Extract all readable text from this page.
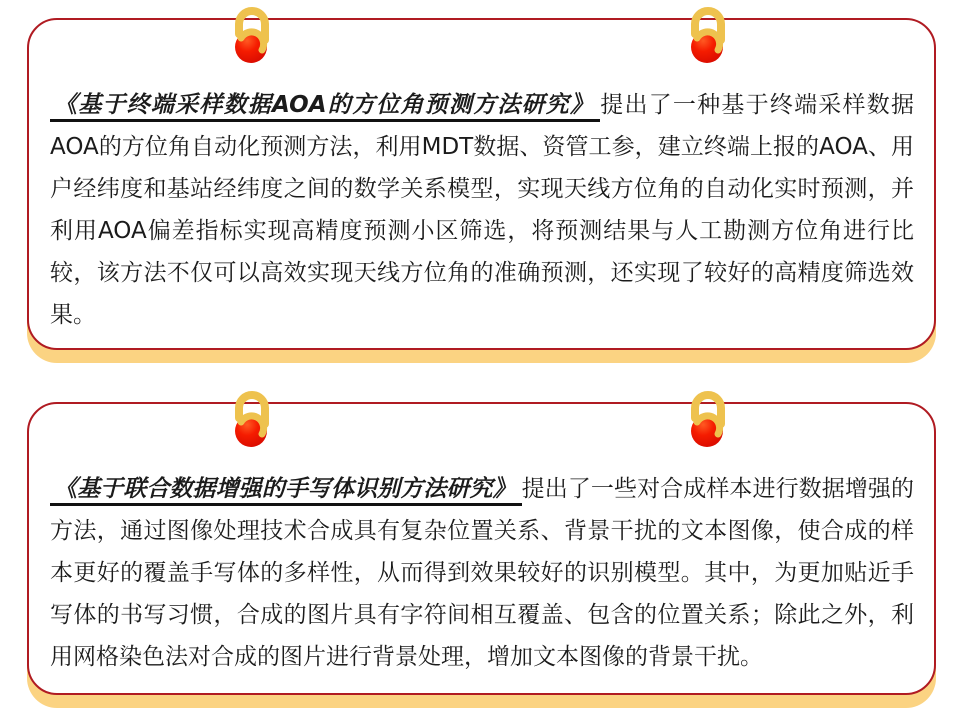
《基于终端采样数据AOA的方位角预测方法研究》 提出了一种基于终端采样数据AOA的方位角自动化预测方法，利用MDT数据、资管工参，建立终端上报的AOA、用户经纬度和基站经纬度之间的数学关系模型，实现天线方位角的自动化实时预测，并利用AOA偏差指标实现高精度预测小区筛选，将预测结果与人工勘测方位角进行比较，该方法不仅可以高效实现天线方位角的准确预测，还实现了较好的高精度筛选效果。

《基于联合数据增强的手写体识别方法研究》 提出了一些对合成样本进行数据增强的方法，通过图像处理技术合成具有复杂位置关系、背景干扰的文本图像，使合成的样本更好的覆盖手写体的多样性，从而得到效果较好的识别模型。其中，为更加贴近手写体的书写习惯，合成的图片具有字符间相互覆盖、包含的位置关系；除此之外，利用网格染色法对合成的图片进行背景处理，增加文本图像的背景干扰。
